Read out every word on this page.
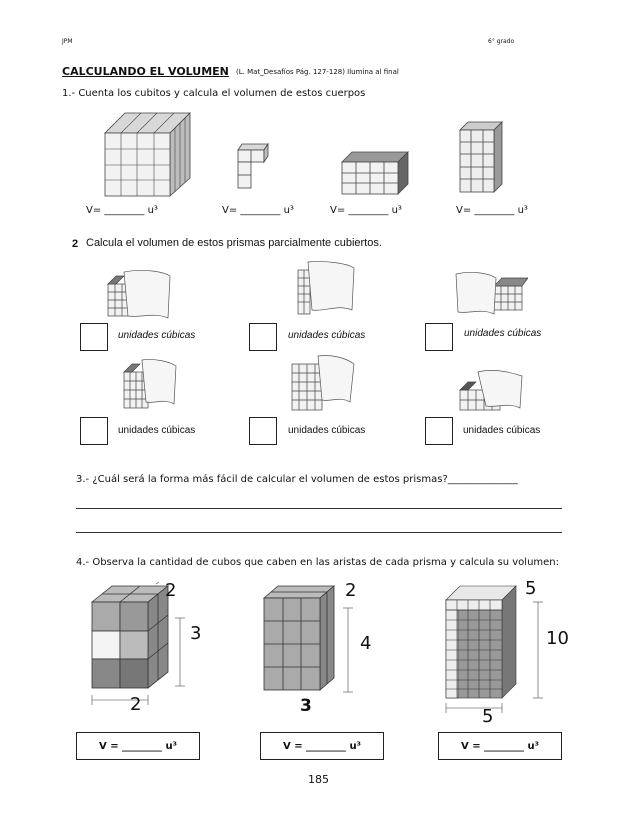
JPM	6° grado
CALCULANDO EL VOLUMEN (L. Mat_Desafíos Pág. 127-128) Ilumina al final
1.- Cuenta los cubitos y calcula el volumen de estos cuerpos
V= ________ u³	V= ________ u³	V= ________ u³	V= ________ u³
2 Calcula el volumen de estos prismas parcialmente cubiertos.
unidades cúbicas	unidades cúbicas	unidades cúbicas
unidades cúbicas	unidades cúbicas	unidades cúbicas
3.- ¿Cuál será la forma más fácil de calcular el volumen de estos prismas?______________
4.- Observa la cantidad de cubos que caben en las aristas de cada prisma y calcula su volumen:
2
3
2
2
4
3
5
10
5
V = ________ u³	V = ________ u³	V = ________ u³
185
